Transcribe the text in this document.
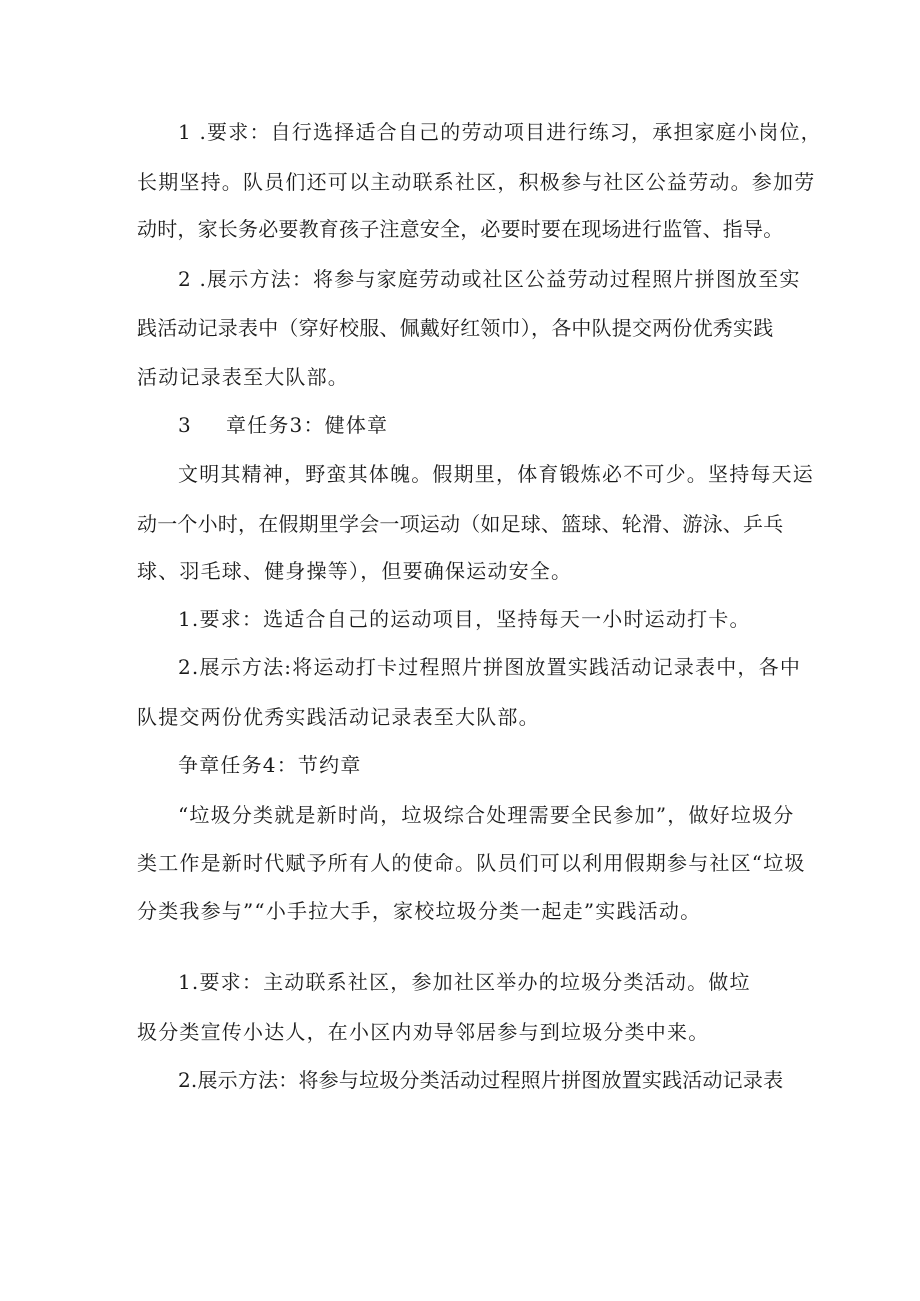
1 .要求：自行选择适合自己的劳动项目进行练习，承担家庭小岗位，
长期坚持。队员们还可以主动联系社区，积极参与社区公益劳动。参加劳
动时，家长务必要教育孩子注意安全，必要时要在现场进行监管、指导。
2 .展示方法：将参与家庭劳动或社区公益劳动过程照片拼图放至实
践活动记录表中（穿好校服、佩戴好红领巾），各中队提交两份优秀实践
活动记录表至大队部。
3 章任务3：健体章
文明其精神，野蛮其体魄。假期里，体育锻炼必不可少。坚持每天运
动一个小时，在假期里学会一项运动（如足球、篮球、轮滑、游泳、乒乓
球、羽毛球、健身操等），但要确保运动安全。
1.要求：选适合自己的运动项目，坚持每天一小时运动打卡。
2.展示方法:将运动打卡过程照片拼图放置实践活动记录表中，各中
队提交两份优秀实践活动记录表至大队部。
争章任务4：节约章
“垃圾分类就是新时尚，垃圾综合处理需要全民参加”，做好垃圾分
类工作是新时代赋予所有人的使命。队员们可以利用假期参与社区“垃圾
分类我参与”“小手拉大手，家校垃圾分类一起走”实践活动。
1.要求：主动联系社区，参加社区举办的垃圾分类活动。做垃
圾分类宣传小达人，在小区内劝导邻居参与到垃圾分类中来。
2.展示方法：将参与垃圾分类活动过程照片拼图放置实践活动记录表
